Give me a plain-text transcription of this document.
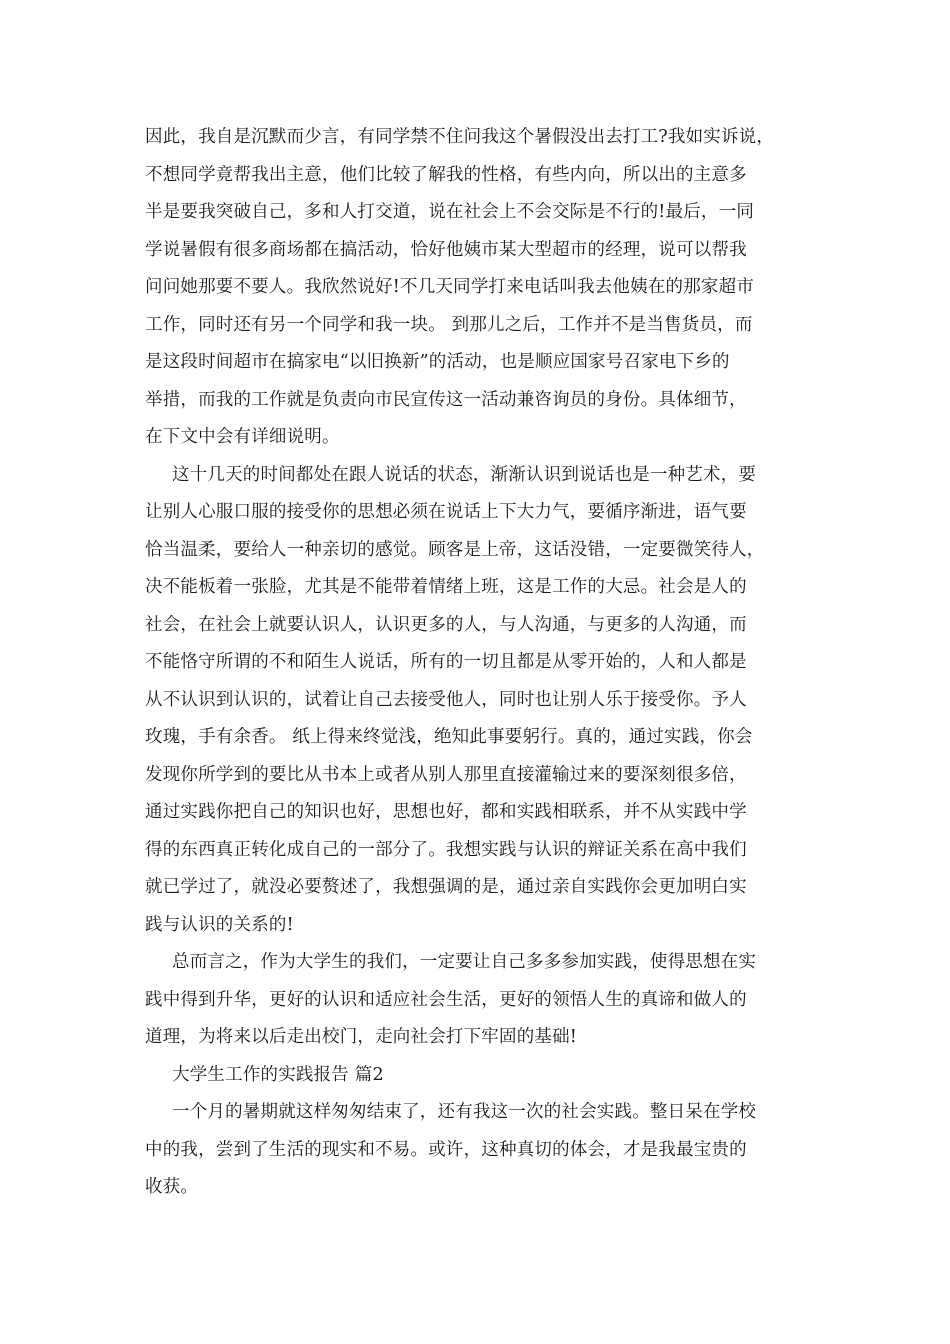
因此，我自是沉默而少言，有同学禁不住问我这个暑假没出去打工?我如实诉说，
不想同学竟帮我出主意，他们比较了解我的性格，有些内向，所以出的主意多
半是要我突破自己，多和人打交道，说在社会上不会交际是不行的!最后，一同
学说暑假有很多商场都在搞活动，恰好他姨市某大型超市的经理，说可以帮我
问问她那要不要人。我欣然说好!不几天同学打来电话叫我去他姨在的那家超市
工作，同时还有另一个同学和我一块。 到那儿之后，工作并不是当售货员，而
是这段时间超市在搞家电“以旧换新”的活动，也是顺应国家号召家电下乡的
举措，而我的工作就是负责向市民宣传这一活动兼咨询员的身份。具体细节，
在下文中会有详细说明。
这十几天的时间都处在跟人说话的状态，渐渐认识到说话也是一种艺术，要
让别人心服口服的接受你的思想必须在说话上下大力气，要循序渐进，语气要
恰当温柔，要给人一种亲切的感觉。顾客是上帝，这话没错，一定要微笑待人，
决不能板着一张脸，尤其是不能带着情绪上班，这是工作的大忌。社会是人的
社会，在社会上就要认识人，认识更多的人，与人沟通，与更多的人沟通，而
不能恪守所谓的不和陌生人说话，所有的一切且都是从零开始的，人和人都是
从不认识到认识的，试着让自己去接受他人，同时也让别人乐于接受你。予人
玫瑰，手有余香。 纸上得来终觉浅，绝知此事要躬行。真的，通过实践，你会
发现你所学到的要比从书本上或者从别人那里直接灌输过来的要深刻很多倍，
通过实践你把自己的知识也好，思想也好，都和实践相联系，并不从实践中学
得的东西真正转化成自己的一部分了。我想实践与认识的辩证关系在高中我们
就已学过了，就没必要赘述了，我想强调的是，通过亲自实践你会更加明白实
践与认识的关系的!
总而言之，作为大学生的我们，一定要让自己多多参加实践，使得思想在实
践中得到升华，更好的认识和适应社会生活，更好的领悟人生的真谛和做人的
道理，为将来以后走出校门，走向社会打下牢固的基础!
大学生工作的实践报告 篇2
一个月的暑期就这样匆匆结束了，还有我这一次的社会实践。整日呆在学校
中的我，尝到了生活的现实和不易。或许，这种真切的体会，才是我最宝贵的
收获。
